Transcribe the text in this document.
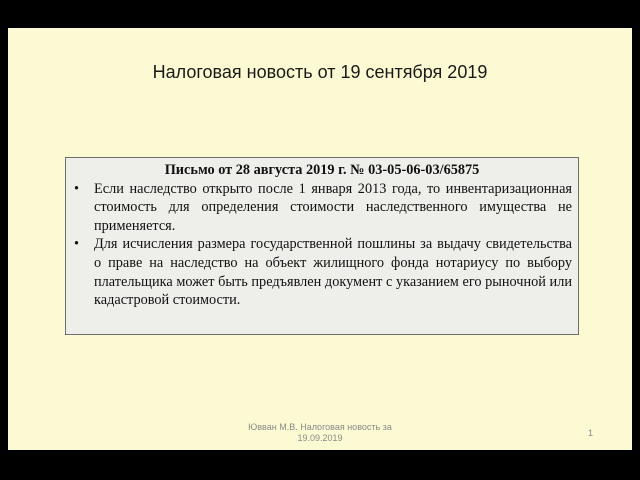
Налоговая новость от 19 сентября 2019

Письмо от 28 августа 2019 г. № 03-05-06-03/65875

• Если наследство открыто после 1 января 2013 года, то инвентаризационная стоимость для определения стоимости наследственного имущества не применяется.

• Для исчисления размера государственной пошлины за выдачу свидетельства о праве на наследство на объект жилищного фонда нотариусу по выбору плательщика может быть предъявлен документ с указанием его рыночной или кадастровой стоимости.

Ювван М.В. Налоговая новость за
19.09.2019	1
